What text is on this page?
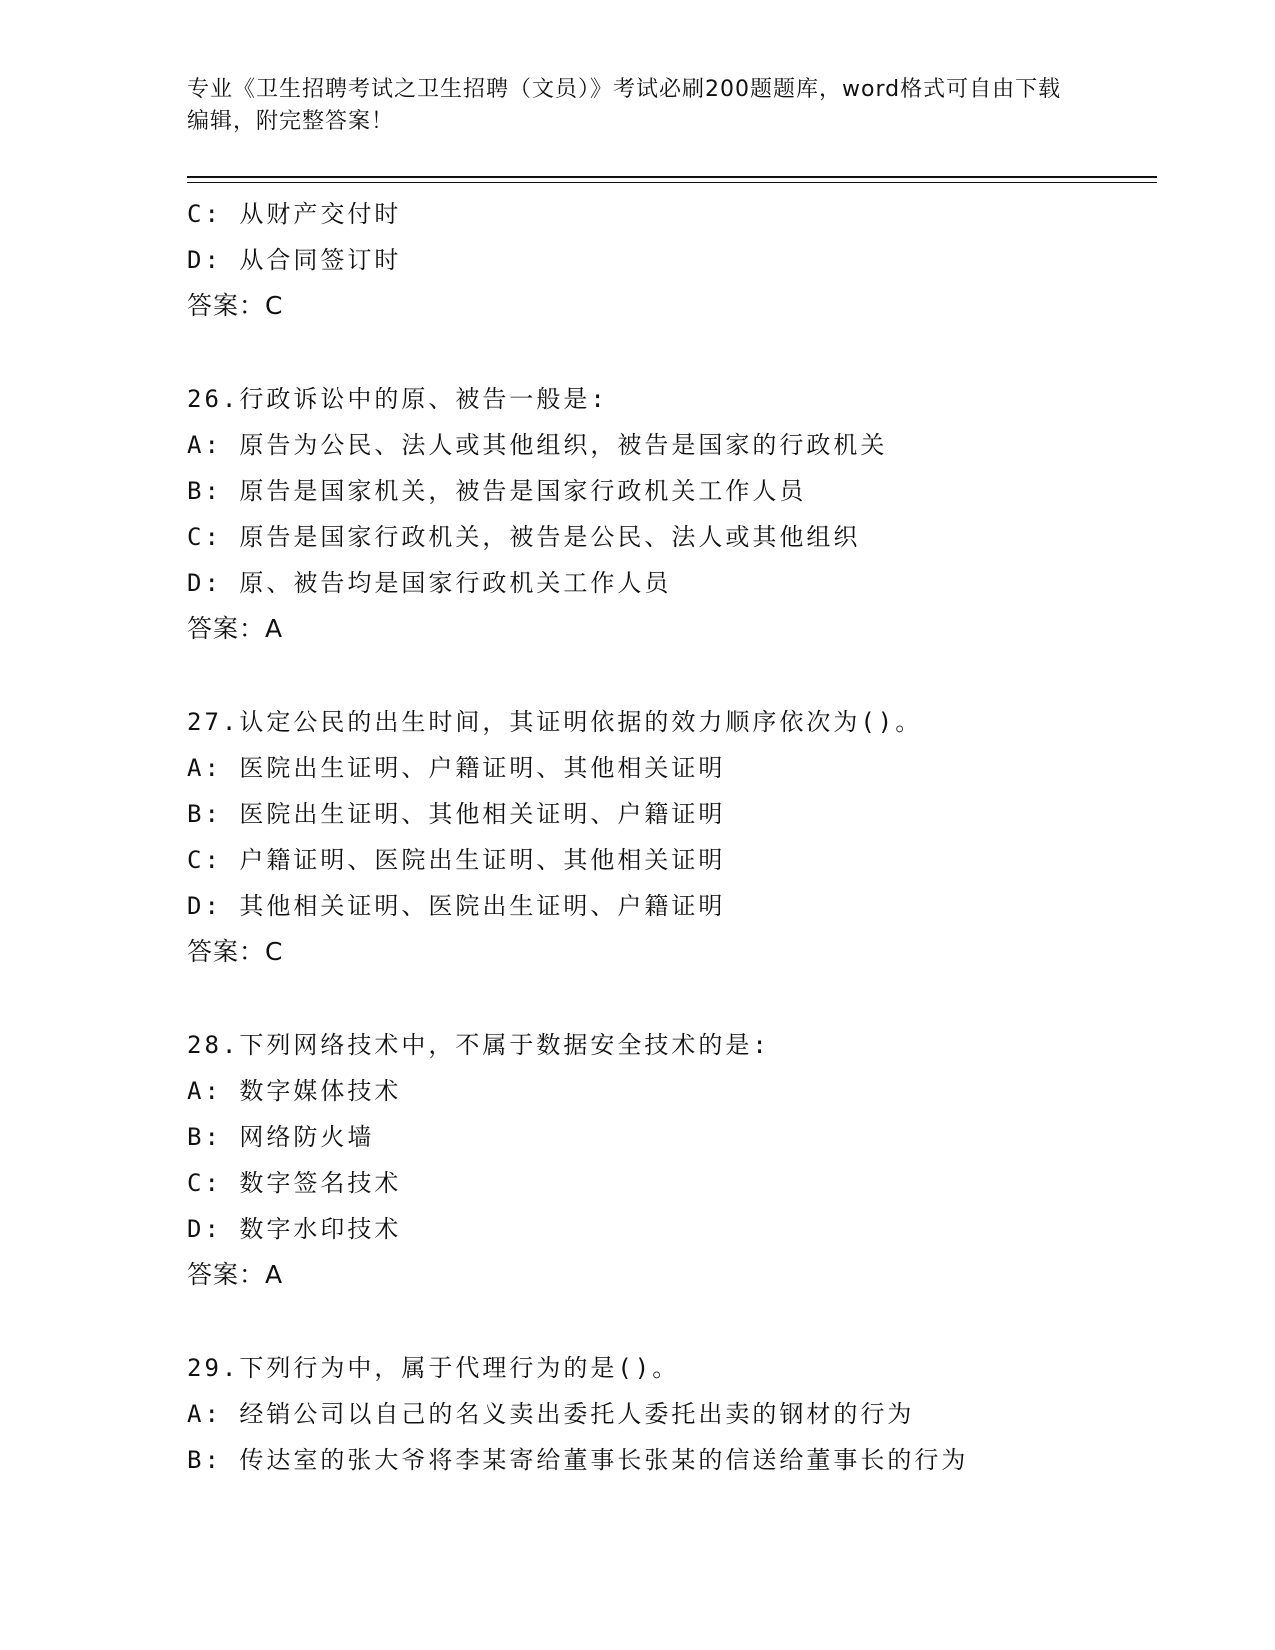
专业《卫生招聘考试之卫生招聘（文员）》考试必刷200题题库，word格式可自由下载编辑，附完整答案！
C: 从财产交付时
D: 从合同签订时
答案：C
26.行政诉讼中的原、被告一般是:
A: 原告为公民、法人或其他组织，被告是国家的行政机关
B: 原告是国家机关，被告是国家行政机关工作人员
C: 原告是国家行政机关，被告是公民、法人或其他组织
D: 原、被告均是国家行政机关工作人员
答案：A
27.认定公民的出生时间，其证明依据的效力顺序依次为()。
A: 医院出生证明、户籍证明、其他相关证明
B: 医院出生证明、其他相关证明、户籍证明
C: 户籍证明、医院出生证明、其他相关证明
D: 其他相关证明、医院出生证明、户籍证明
答案：C
28.下列网络技术中，不属于数据安全技术的是:
A: 数字媒体技术
B: 网络防火墙
C: 数字签名技术
D: 数字水印技术
答案：A
29.下列行为中，属于代理行为的是()。
A: 经销公司以自己的名义卖出委托人委托出卖的钢材的行为
B: 传达室的张大爷将李某寄给董事长张某的信送给董事长的行为
